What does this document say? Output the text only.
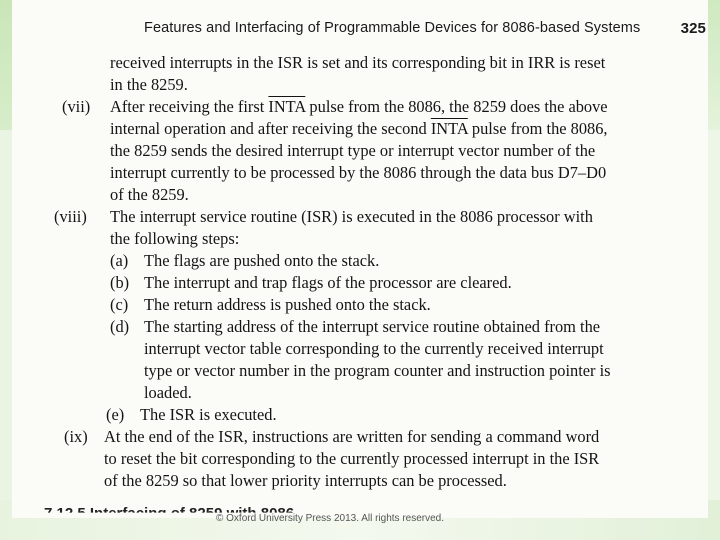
Features and Interfacing of Programmable Devices for 8086-based Systems	325
received interrupts in the ISR is set and its corresponding bit in IRR is reset
in the 8259.
(vii) After receiving the first INTA pulse from the 8086, the 8259 does the above
internal operation and after receiving the second INTA pulse from the 8086,
the 8259 sends the desired interrupt type or interrupt vector number of the
interrupt currently to be processed by the 8086 through the data bus D7–D0
of the 8259.
(viii) The interrupt service routine (ISR) is executed in the 8086 processor with
the following steps:
(a) The flags are pushed onto the stack.
(b) The interrupt and trap flags of the processor are cleared.
(c) The return address is pushed onto the stack.
(d) The starting address of the interrupt service routine obtained from the
interrupt vector table corresponding to the currently received interrupt
type or vector number in the program counter and instruction pointer is
loaded.
(e) The ISR is executed.
(ix) At the end of the ISR, instructions are written for sending a command word
to reset the bit corresponding to the currently processed interrupt in the ISR
of the 8259 so that lower priority interrupts can be processed.
© Oxford University Press 2013. All rights reserved.
